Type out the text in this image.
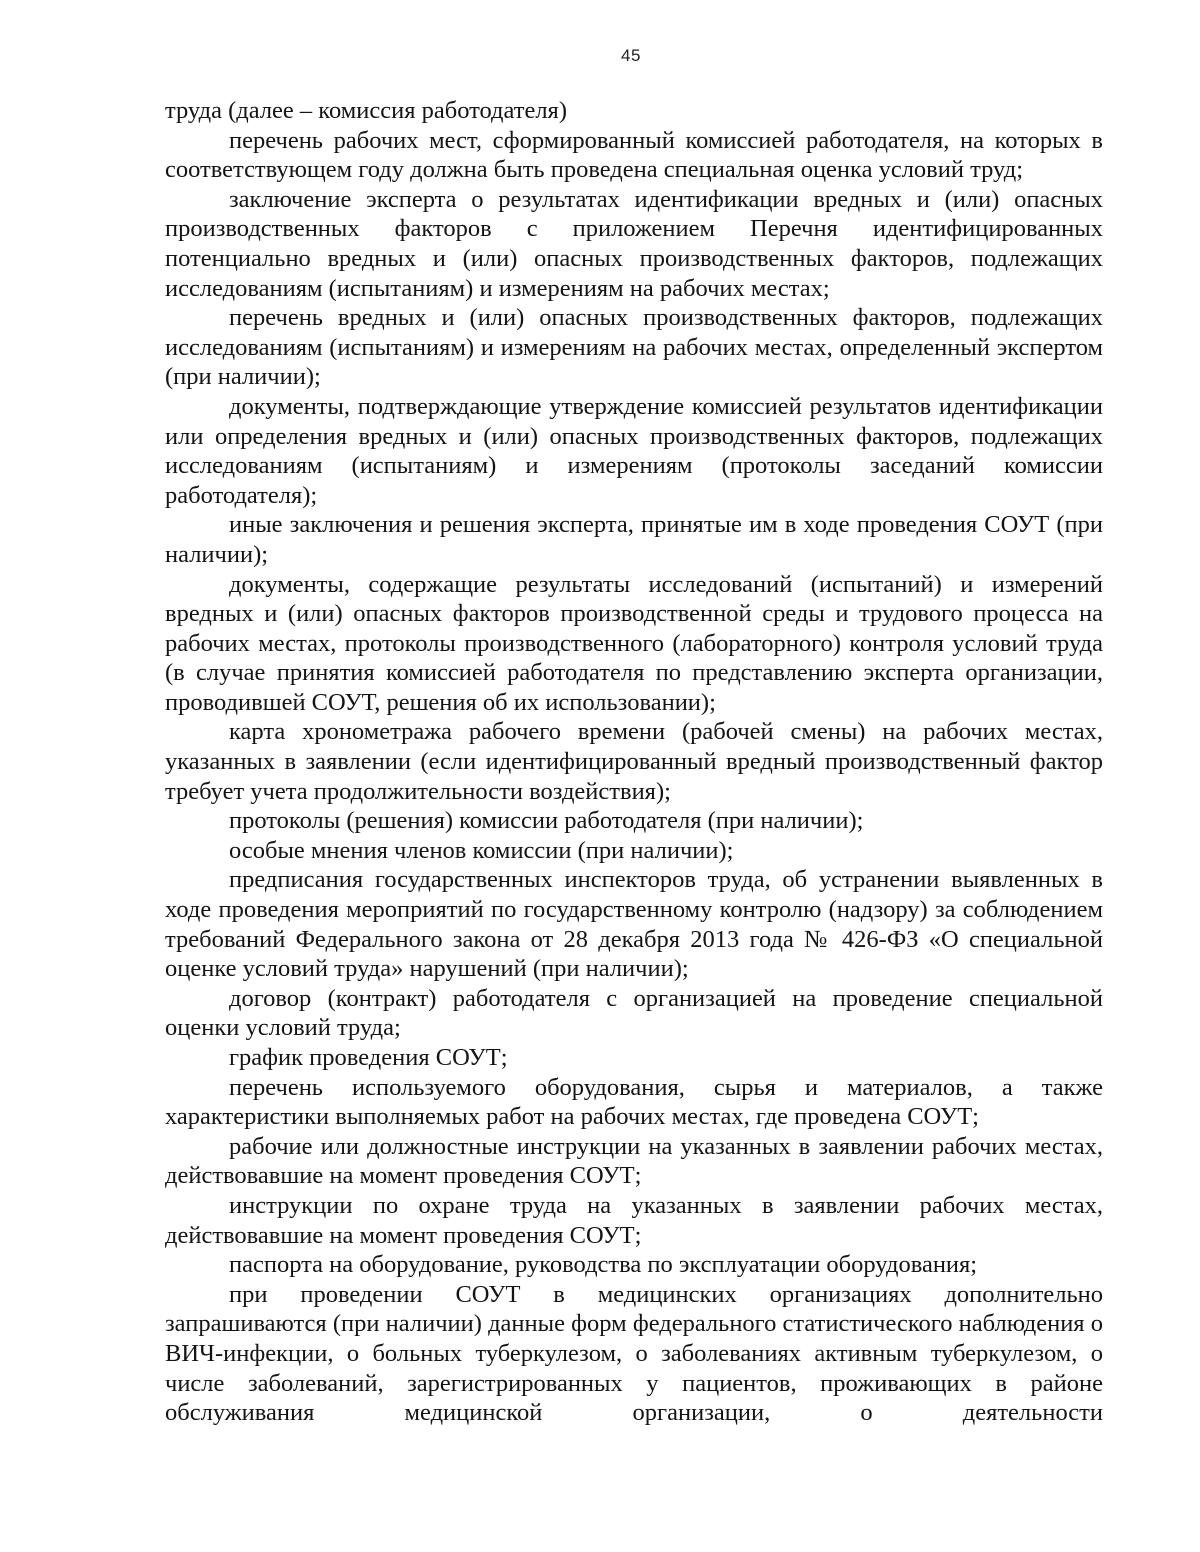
45

труда (далее – комиссия работодателя)

перечень рабочих мест, сформированный комиссией работодателя, на которых в соответствующем году должна быть проведена специальная оценка условий труд;

заключение эксперта о результатах идентификации вредных и (или) опасных производственных факторов с приложением Перечня идентифицированных потенциально вредных и (или) опасных производственных факторов, подлежащих исследованиям (испытаниям) и измерениям на рабочих местах;

перечень вредных и (или) опасных производственных факторов, подлежащих исследованиям (испытаниям) и измерениям на рабочих местах, определенный экспертом (при наличии);

документы, подтверждающие утверждение комиссией результатов идентификации или определения вредных и (или) опасных производственных факторов, подлежащих исследованиям (испытаниям) и измерениям (протоколы заседаний комиссии работодателя);

иные заключения и решения эксперта, принятые им в ходе проведения СОУТ (при наличии);

документы, содержащие результаты исследований (испытаний) и измерений вредных и (или) опасных факторов производственной среды и трудового процесса на рабочих местах, протоколы производственного (лабораторного) контроля условий труда (в случае принятия комиссией работодателя по представлению эксперта организации, проводившей СОУТ, решения об их использовании);

карта хронометража рабочего времени (рабочей смены) на рабочих местах, указанных в заявлении (если идентифицированный вредный производственный фактор требует учета продолжительности воздействия);

протоколы (решения) комиссии работодателя (при наличии);

особые мнения членов комиссии (при наличии);

предписания государственных инспекторов труда, об устранении выявленных в ходе проведения мероприятий по государственному контролю (надзору) за соблюдением требований Федерального закона от 28 декабря 2013 года № 426-ФЗ «О специальной оценке условий труда» нарушений (при наличии);

договор (контракт) работодателя с организацией на проведение специальной оценки условий труда;

график проведения СОУТ;

перечень используемого оборудования, сырья и материалов, а также характеристики выполняемых работ на рабочих местах, где проведена СОУТ;

рабочие или должностные инструкции на указанных в заявлении рабочих местах, действовавшие на момент проведения СОУТ;

инструкции по охране труда на указанных в заявлении рабочих местах, действовавшие на момент проведения СОУТ;

паспорта на оборудование, руководства по эксплуатации оборудования;

при проведении СОУТ в медицинских организациях дополнительно запрашиваются (при наличии) данные форм федерального статистического наблюдения о ВИЧ-инфекции, о больных туберкулезом, о заболеваниях активным туберкулезом, о числе заболеваний, зарегистрированных у пациентов, проживающих в районе обслуживания медицинской организации, о деятельности
